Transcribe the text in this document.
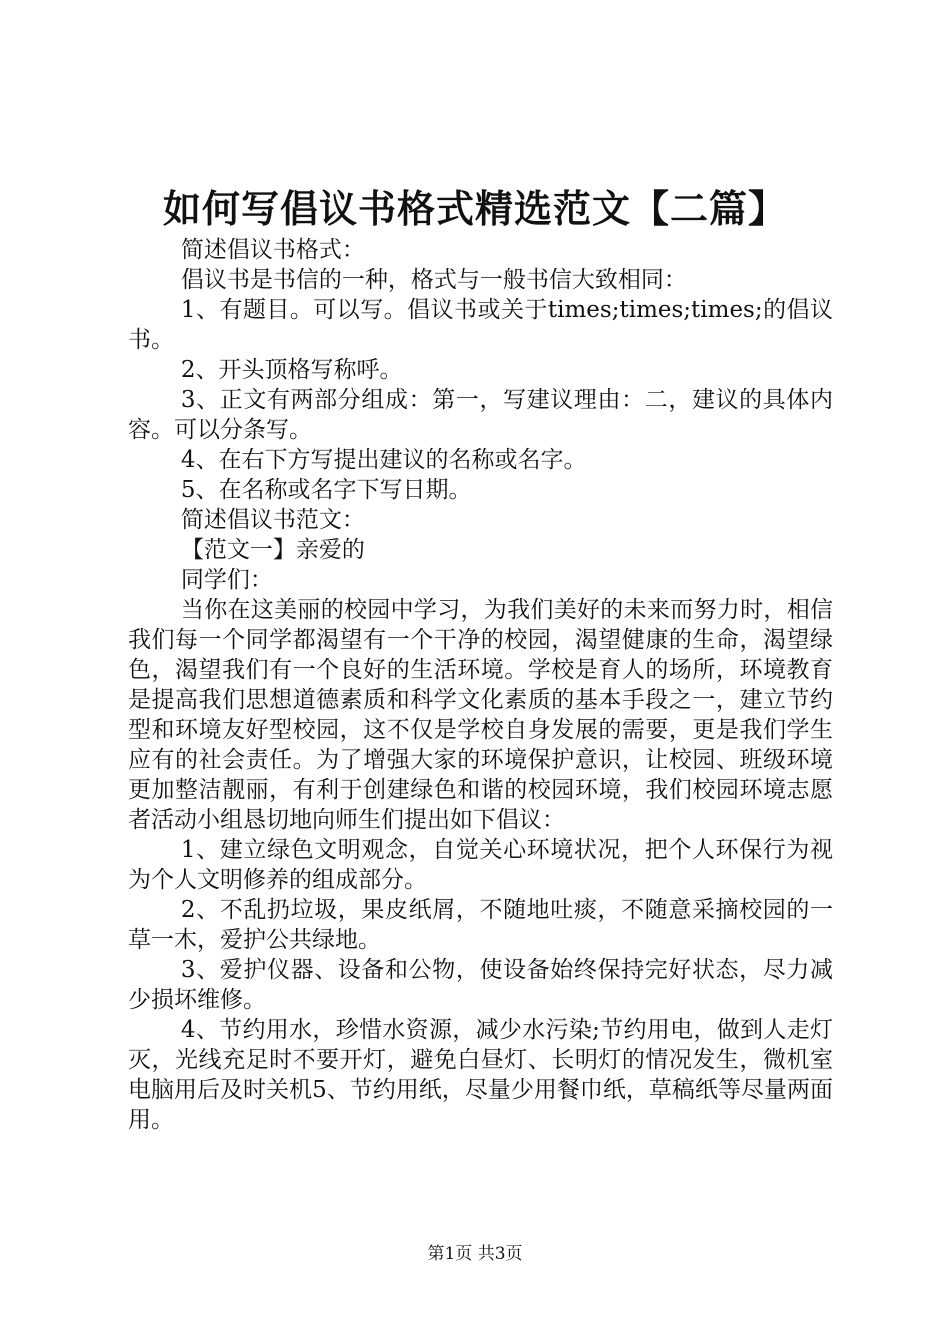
如何写倡议书格式精选范文【二篇】

简述倡议书格式：

倡议书是书信的一种，格式与一般书信大致相同：

1、有题目。可以写。倡议书或关于times;times;times;的倡议书。

2、开头顶格写称呼。

3、正文有两部分组成：第一，写建议理由：二，建议的具体内容。可以分条写。

4、在右下方写提出建议的名称或名字。

5、在名称或名字下写日期。

简述倡议书范文：

【范文一】亲爱的

同学们：

当你在这美丽的校园中学习，为我们美好的未来而努力时，相信我们每一个同学都渴望有一个干净的校园，渴望健康的生命，渴望绿色，渴望我们有一个良好的生活环境。学校是育人的场所，环境教育是提高我们思想道德素质和科学文化素质的基本手段之一，建立节约型和环境友好型校园，这不仅是学校自身发展的需要，更是我们学生应有的社会责任。为了增强大家的环境保护意识，让校园、班级环境更加整洁靓丽，有利于创建绿色和谐的校园环境，我们校园环境志愿者活动小组恳切地向师生们提出如下倡议：

1、建立绿色文明观念，自觉关心环境状况，把个人环保行为视为个人文明修养的组成部分。

2、不乱扔垃圾，果皮纸屑，不随地吐痰，不随意采摘校园的一草一木，爱护公共绿地。

3、爱护仪器、设备和公物，使设备始终保持完好状态，尽力减少损坏维修。

4、节约用水，珍惜水资源，减少水污染;节约用电，做到人走灯灭，光线充足时不要开灯，避免白昼灯、长明灯的情况发生，微机室电脑用后及时关机5、节约用纸，尽量少用餐巾纸，草稿纸等尽量两面用。

第1页 共3页
